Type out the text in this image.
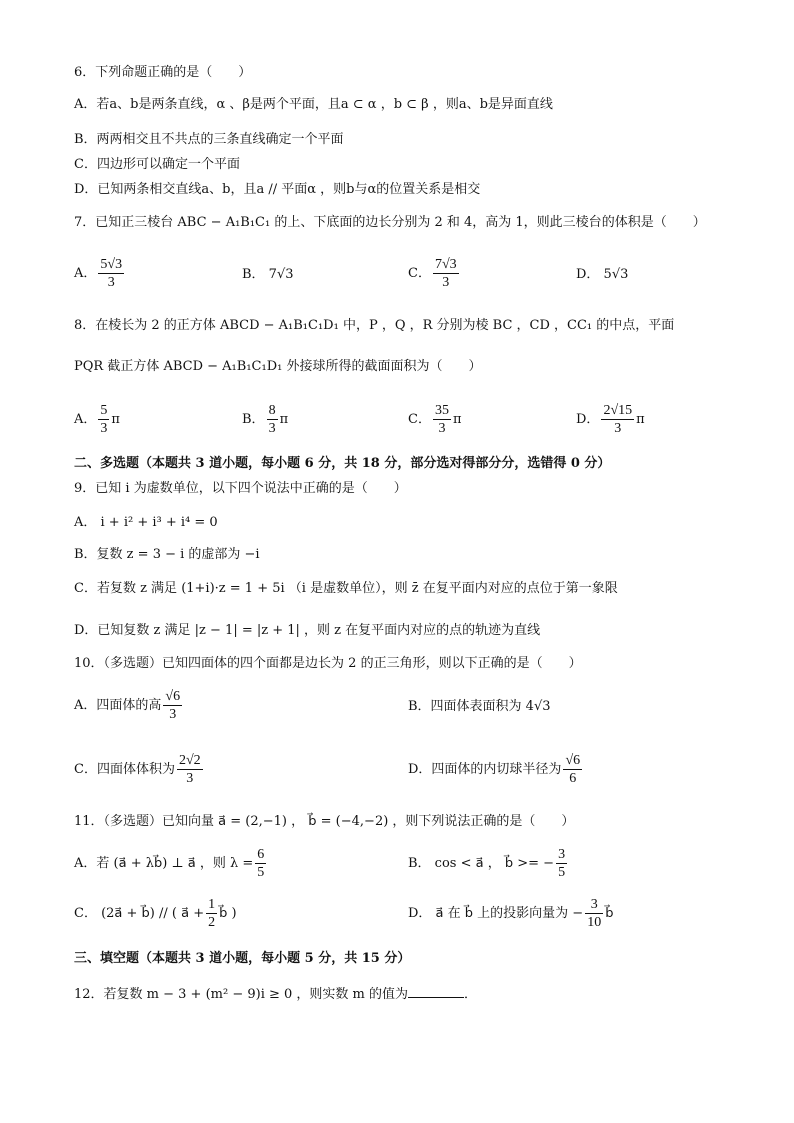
6．下列命题正确的是（　　）
A．若a、b是两条直线，α 、β是两个平面，且a ⊂ α ，b ⊂ β ，则a、b是异面直线
B．两两相交且不共点的三条直线确定一个平面
C．四边形可以确定一个平面
D．已知两条相交直线a、b，且a // 平面α ，则b与α的位置关系是相交
7．已知正三棱台 ABC − A₁B₁C₁ 的上、下底面的边长分别为 2 和 4，高为 1，则此三棱台的体积是（　　）
A． $\frac{5√3}{3}$	B． 7√3	C． $\frac{7√3}{3}$	D． 5√3
8．在棱长为 2 的正方体 ABCD − A₁B₁C₁D₁ 中，P ，Q ，R 分别为棱 BC ，CD ，CC₁ 的中点，平面
PQR 截正方体 ABCD − A₁B₁C₁D₁ 外接球所得的截面面积为（　　）
A． $\frac{5}{3}$ π	B． $\frac{8}{3}$ π	C． $\frac{35}{3}$ π	D． $\frac{2√15}{3}$ π
二、多选题（本题共 3 道小题，每小题 6 分，共 18 分，部分选对得部分分，选错得 0 分）
9．已知 i 为虚数单位，以下四个说法中正确的是（　　）
A． i + i² + i³ + i⁴ = 0
B．复数 z = 3 − i 的虚部为 −i
C．若复数 z 满足 (1+i)·z = 1 + 5i （i 是虚数单位），则 z̄ 在复平面内对应的点位于第一象限
D．已知复数 z 满足 |z − 1| = |z + 1| ，则 z 在复平面内对应的点的轨迹为直线
10．（多选题）已知四面体的四个面都是边长为 2 的正三角形，则以下正确的是（　　）
A．四面体的高 $\frac{√6}{3}$	B．四面体表面积为 4√3
C．四面体体积为 $\frac{2√2}{3}$	D．四面体的内切球半径为 $\frac{√6}{6}$
11．（多选题）已知向量 a⃗ = (2,−1) ， b⃗ = (−4,−2) ，则下列说法正确的是（　　）
A．若 (a⃗ + λb⃗) ⊥ a⃗ ，则 $\lambda = \frac{6}{5}$	B． cos < a⃗ ， b⃗ >= − $\frac{3}{5}$
C． (2a⃗ + b⃗) // ( a⃗ + $\frac{1}{2}$ b⃗ )	D． a⃗ 在 b⃗ 上的投影向量为 − $\frac{3}{10}$ b⃗
三、填空题（本题共 3 道小题，每小题 5 分，共 15 分）
12．若复数 m − 3 + (m² − 9)i ≥ 0 ，则实数 m 的值为	．
